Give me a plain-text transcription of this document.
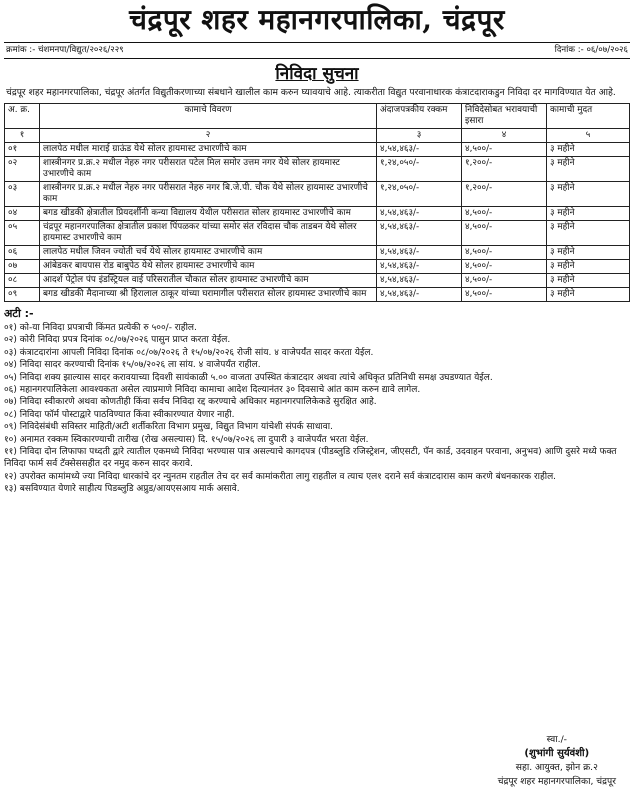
चंद्रपूर शहर महानगरपालिका, चंद्रपूर
क्रमांक :- चंशमनपा/विद्युत/२०२६/२२९	दिनांक :- ०६/०७/२०२६
निविदा सुचना
चंद्रपूर शहर महानगरपालिका, चंद्रपूर अंतर्गत विद्युतीकरणाच्या संबधाने खालील काम करुन घ्यावयाचे आहे. त्याकरीता विद्युत परवानाधारक कंत्राटदाराकडुन निविदा दर मागविण्यात येत आहे.
अ. क्र.	कामाचे विवरण	अंदाजपत्रकीय रक्कम	निविदेसोबत भरावयाची इसारा	कामाची मुदत
१	२	३	४	५
०१	लालपेठ मधील माराई ग्राऊंड येथे सोलर हायमास्ट उभारणीचे काम	४,५४,४६३/-	४,५००/-	३ महीने
०२	शास्त्रीनगर प्र.क्र.२ मधील नेहरु नगर परीसरात पटेल मिल समोर उत्तम नगर येथे सोलर हायमास्ट उभारणीचे काम	१,२४,०५०/-	१,२००/-	३ महीने
०३	शास्त्रीनगर प्र.क्र.२ मधील नेहरु नगर परीसरात नेहरु नगर बि.जे.पी. चौक येथे सोलर हायमास्ट उभारणीचे काम	१,२४,०५०/-	१,२००/-	३ महीने
०४	बगड खीडकी क्षेत्रातील प्रियदर्शीनी कन्या विद्यालय येथील परीसरात सोलर हायमास्ट उभारणीचे काम	४,५४,४६३/-	४,५००/-	३ महीने
०५	चंद्रपूर महानगरपालिका क्षेत्रातील प्रकाश पिंपळकर यांच्या समोर संत रविदास चौक ताडबन येथे सोलर हायमास्ट उभारणीचे काम	४,५४,४६३/-	४,५००/-	३ महीने
०६	लालपेठ मधील जिवन ज्योती चर्च येथे सोलर हायमास्ट उभारणीचे काम	४,५४,४६३/-	४,५००/-	३ महीने
०७	आंबेडकर बायपास रोड बाबुपेठ येथे सोलर हायमास्ट उभारणीचे काम	४,५४,४६३/-	४,५००/-	३ महीने
०८	आदर्श पेट्रोल पंप इंडस्ट्रियल वाई परिसरातील चौकात सोलर हायमास्ट उभारणीचे काम	४,५४,४६३/-	४,५००/-	३ महीने
०९	बगड खीडकी मैदानाच्या श्री हिरालाल ठाकूर यांच्या घरामागील परीसरात सोलर हायमास्ट उभारणीचे काम	४,५४,४६३/-	४,५००/-	३ महीने
अटी :-
०१) को-या निविदा प्रपत्राची किंमत प्रत्येकी रु ५००/- राहील.
०२) कोरी निविदा प्रपत्र दिनांक ०८/०७/२०२६ पासुन प्राप्त करता येईल.
०३) कंत्राटदारांना आपली निविदा दिनांक ०८/०७/२०२६ ते १५/०७/२०२६ रोजी सांय. ४ वाजेपर्यंत सादर करता येईल.
०४) निविदा सादर करण्याची दिनांक १५/०७/२०२६ ला सांय. ४ वाजेपर्यंत राहील.
०५) निविदा शक्य झाल्यास सादर करावयाच्या दिवशी सायंकाळी ५.०० वाजता उपस्थित कंत्राटदार अथवा त्यांचे अधिकृत प्रतिनिधी समक्ष उघडण्यात येईल.
०६) महानगरपालिकेला आवश्यकता असेल त्याप्रमाणे निविदा कामाचा आदेश दिल्यानंतर ३० दिवसाचे आंत काम करुन द्यावे लागेल.
०७) निविदा स्वीकारणे अथवा कोणतीही किंवा सर्वच निविदा रद्द करण्याचे अधिकार महानगरपालिकेकडे सुरक्षित आहे.
०८) निविदा फॉर्म पोस्टाद्वारे पाठविण्यात किंवा स्वीकारण्यात येणार नाही.
०९) निविदेसंबंधी सविस्तर माहिती/अटी शर्तीकरिता विभाग प्रमुख, विद्युत विभाग यांचेशी संपर्क साधावा.
१०) अनामत रक्कम स्विकारण्याची तारीख (रोख असल्यास) दि. १५/०७/२०२६ ला दुपारी ३ वाजेपर्यंत भरता येईल.
११) निविदा दोन लिफाफा पध्दती द्वारे त्यातील एकमध्ये निविदा भरण्यास पात्र असल्याचे कागदपत्र (पीडब्लुडि रजिस्ट्रेशन, जीएसटी, पॅन कार्ड, उदवाहन परवाना, अनुभव) आणि दुसरे मध्ये फक्त निविदा फार्म सर्व टॅक्सेससहीत दर नमुद करुन सादर करावे.
१२) उपरोक्त कामांमध्ये ज्या निविदा धारकांचे दर न्युनतम राहतील तेच दर सर्व कामांकरीता लागु राहतील व त्याच एल१ दराने सर्व कंत्राटदारास काम करणे बंधनकारक राहील.
१३) बसविण्यात येणारे साहीत्य पिडब्लुडि अप्रुड/आयएसआय मार्क असावे.
स्वा./-
(शुभांगी सुर्यवंशी)
सहा. आयुक्त, झोन क्र.२
चंद्रपूर शहर महानगरपालिका, चंद्रपूर
